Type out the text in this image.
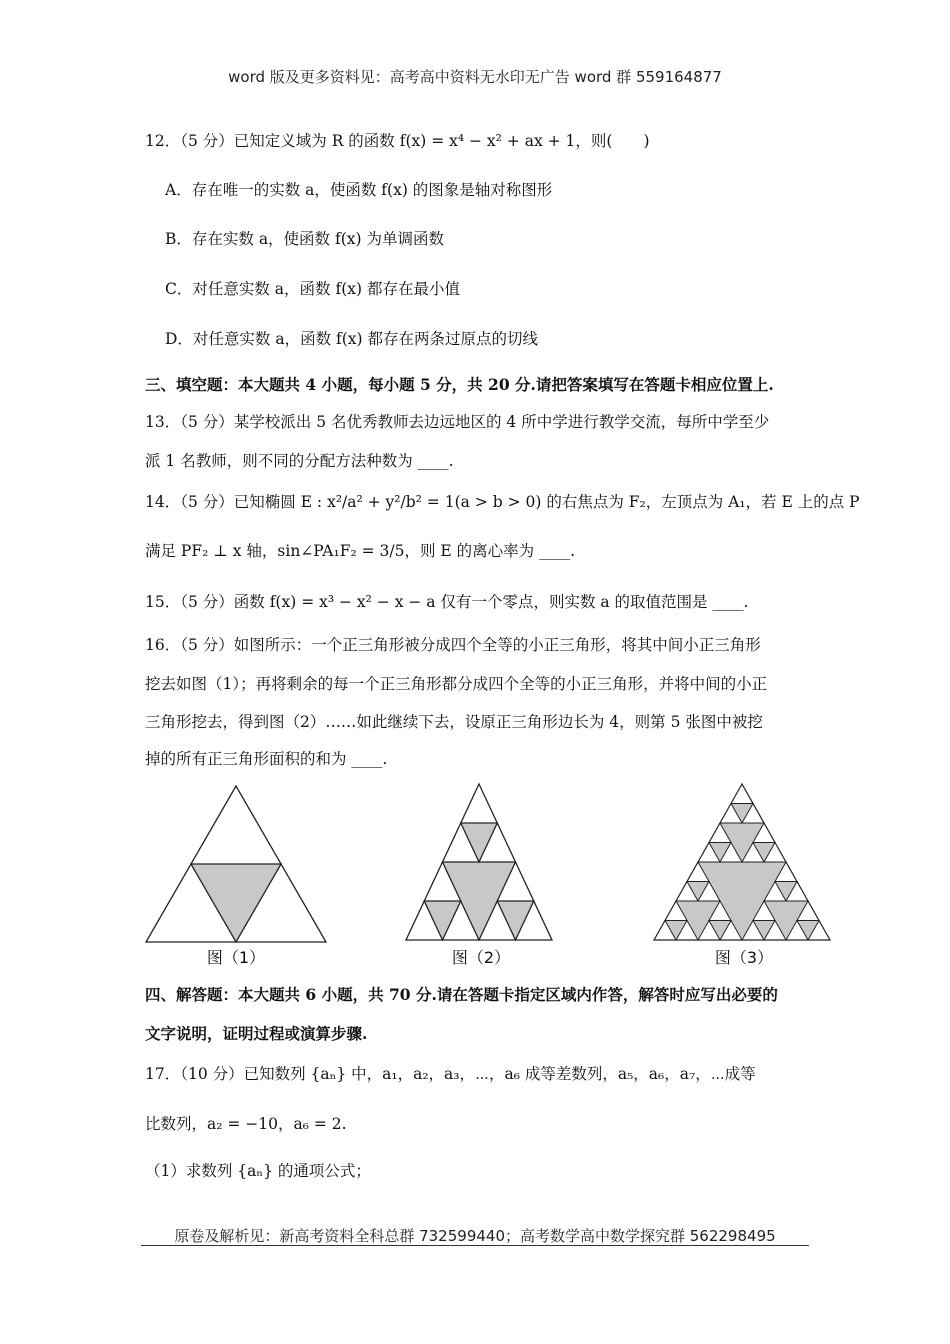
word 版及更多资料见：高考高中资料无水印无广告 word 群 559164877
12．（5 分）已知定义域为 R 的函数 f(x) = x⁴ − x² + ax + 1，则(　　)
A．存在唯一的实数 a，使函数 f(x) 的图象是轴对称图形
B．存在实数 a，使函数 f(x) 为单调函数
C．对任意实数 a，函数 f(x) 都存在最小值
D．对任意实数 a，函数 f(x) 都存在两条过原点的切线
三、填空题：本大题共 4 小题，每小题 5 分，共 20 分.请把答案填写在答题卡相应位置上.
13．（5 分）某学校派出 5 名优秀教师去边远地区的 4 所中学进行教学交流，每所中学至少
派 1 名教师，则不同的分配方法种数为 ____.
14．（5 分）已知椭圆 E : x²/a² + y²/b² = 1(a > b > 0) 的右焦点为 F₂，左顶点为 A₁，若 E 上的点 P
满足 PF₂ ⊥ x 轴，sin∠PA₁F₂ = 3/5，则 E 的离心率为 ____.
15．（5 分）函数 f(x) = x³ − x² − x − a 仅有一个零点，则实数 a 的取值范围是 ____.
16．（5 分）如图所示：一个正三角形被分成四个全等的小正三角形，将其中间小正三角形
挖去如图（1）；再将剩余的每一个正三角形都分成四个全等的小正三角形，并将中间的小正
三角形挖去，得到图（2）……如此继续下去，设原正三角形边长为 4，则第 5 张图中被挖
掉的所有正三角形面积的和为 ____.
图（1）	图（2）	图（3）
四、解答题：本大题共 6 小题，共 70 分.请在答题卡指定区域内作答，解答时应写出必要的
文字说明，证明过程或演算步骤.
17．（10 分）已知数列 {aₙ} 中，a₁，a₂，a₃，⋯，a₆ 成等差数列，a₅，a₆，a₇，⋯成等
比数列，a₂ = −10，a₆ = 2.
（1）求数列 {aₙ} 的通项公式；
原卷及解析见：新高考资料全科总群 732599440；高考数学高中数学探究群 562298495
